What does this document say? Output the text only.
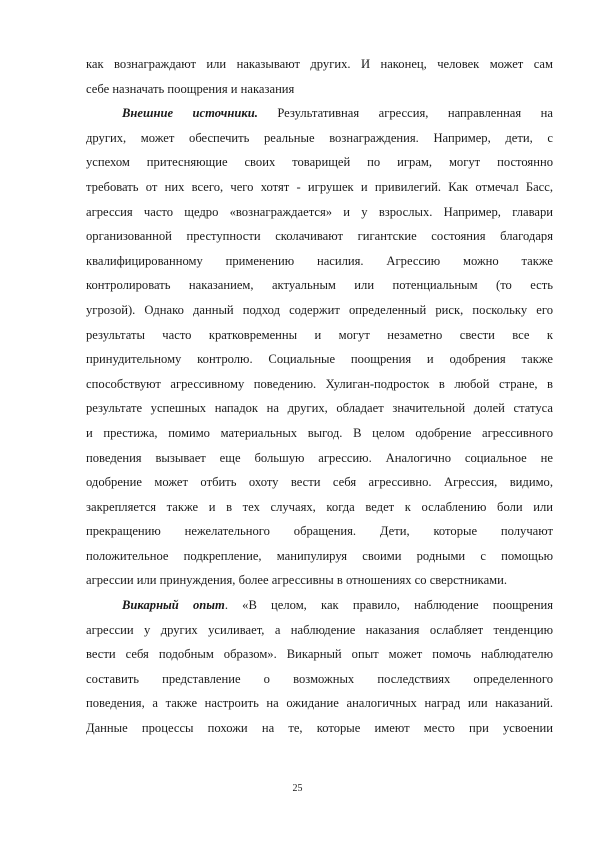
как вознаграждают или наказывают других. И наконец, человек может сам
себе назначать поощрения и наказания
Внешние источники. Результативная агрессия, направленная на
других, может обеспечить реальные вознаграждения. Например, дети, с
успехом притесняющие своих товарищей по играм, могут постоянно
требовать от них всего, чего хотят - игрушек и привилегий. Как отмечал Басс,
агрессия часто щедро «вознаграждается» и у взрослых. Например, главари
организованной преступности сколачивают гигантские состояния благодаря
квалифицированному применению насилия. Агрессию можно также
контролировать наказанием, актуальным или потенциальным (то есть
угрозой). Однако данный подход содержит определенный риск, поскольку его
результаты часто кратковременны и могут незаметно свести все к
принудительному контролю. Социальные поощрения и одобрения также
способствуют агрессивному поведению. Хулиган-подросток в любой стране, в
результате успешных нападок на других, обладает значительной долей статуса
и престижа, помимо материальных выгод. В целом одобрение агрессивного
поведения вызывает еще большую агрессию. Аналогично социальное не
одобрение может отбить охоту вести себя агрессивно. Агрессия, видимо,
закрепляется также и в тех случаях, когда ведет к ослаблению боли или
прекращению нежелательного обращения. Дети, которые получают
положительное подкрепление, манипулируя своими родными с помощью
агрессии или принуждения, более агрессивны в отношениях со сверстниками.
Викарный опыт. «В целом, как правило, наблюдение поощрения
агрессии у других усиливает, а наблюдение наказания ослабляет тенденцию
вести себя подобным образом». Викарный опыт может помочь наблюдателю
составить представление о возможных последствиях определенного
поведения, а также настроить на ожидание аналогичных наград или наказаний.
Данные процессы похожи на те, которые имеют место при усвоении
25
